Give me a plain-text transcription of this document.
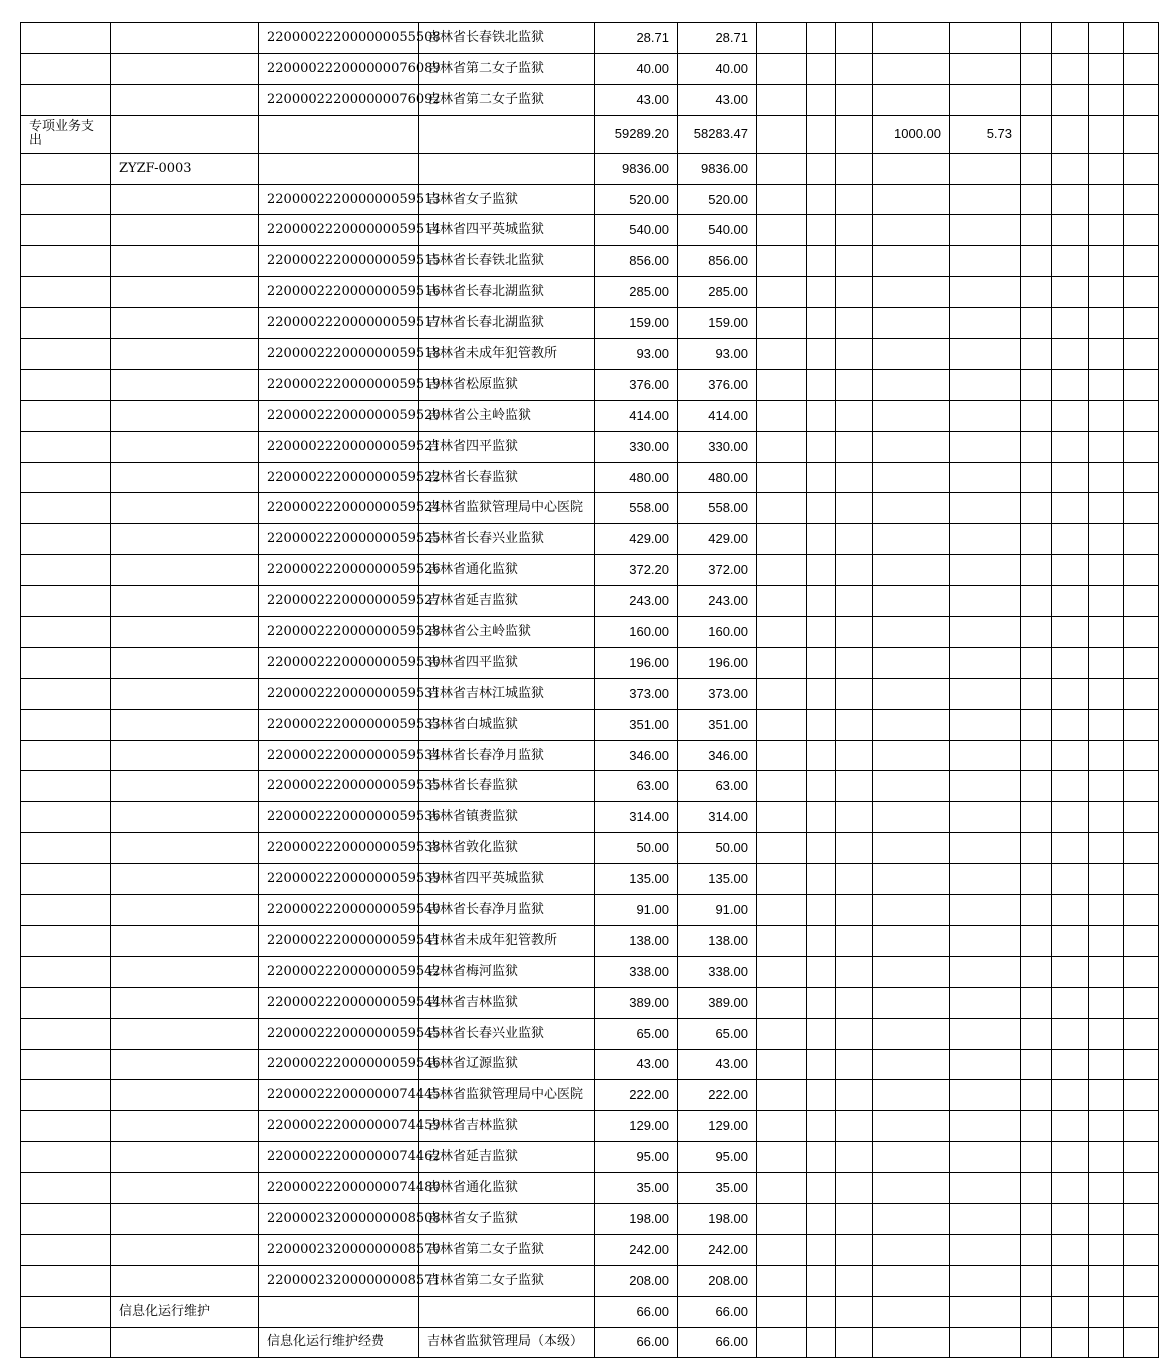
		220000222000000055508	吉林省长春铁北监狱	28.71	28.71									
		220000222000000076089	吉林省第二女子监狱	40.00	40.00									
		220000222000000076092	吉林省第二女子监狱	43.00	43.00									
专项业务支出				59289.20	58283.47				1000.00	5.73				
	ZYZF-0003			9836.00	9836.00									
		220000222000000059513	吉林省女子监狱	520.00	520.00									
		220000222000000059514	吉林省四平英城监狱	540.00	540.00									
		220000222000000059515	吉林省长春铁北监狱	856.00	856.00									
		220000222000000059516	吉林省长春北湖监狱	285.00	285.00									
		220000222000000059517	吉林省长春北湖监狱	159.00	159.00									
		220000222000000059518	吉林省未成年犯管教所	93.00	93.00									
		220000222000000059519	吉林省松原监狱	376.00	376.00									
		220000222000000059520	吉林省公主岭监狱	414.00	414.00									
		220000222000000059521	吉林省四平监狱	330.00	330.00									
		220000222000000059522	吉林省长春监狱	480.00	480.00									
		220000222000000059524	吉林省监狱管理局中心医院	558.00	558.00									
		220000222000000059525	吉林省长春兴业监狱	429.00	429.00									
		220000222000000059526	吉林省通化监狱	372.20	372.00									
		220000222000000059527	吉林省延吉监狱	243.00	243.00									
		220000222000000059528	吉林省公主岭监狱	160.00	160.00									
		220000222000000059530	吉林省四平监狱	196.00	196.00									
		220000222000000059531	吉林省吉林江城监狱	373.00	373.00									
		220000222000000059533	吉林省白城监狱	351.00	351.00									
		220000222000000059534	吉林省长春净月监狱	346.00	346.00									
		220000222000000059535	吉林省长春监狱	63.00	63.00									
		220000222000000059536	吉林省镇赉监狱	314.00	314.00									
		220000222000000059538	吉林省敦化监狱	50.00	50.00									
		220000222000000059539	吉林省四平英城监狱	135.00	135.00									
		220000222000000059540	吉林省长春净月监狱	91.00	91.00									
		220000222000000059541	吉林省未成年犯管教所	138.00	138.00									
		220000222000000059542	吉林省梅河监狱	338.00	338.00									
		220000222000000059544	吉林省吉林监狱	389.00	389.00									
		220000222000000059545	吉林省长春兴业监狱	65.00	65.00									
		220000222000000059546	吉林省辽源监狱	43.00	43.00									
		220000222000000074445	吉林省监狱管理局中心医院	222.00	222.00									
		220000222000000074459	吉林省吉林监狱	129.00	129.00									
		220000222000000074462	吉林省延吉监狱	95.00	95.00									
		220000222000000074480	吉林省通化监狱	35.00	35.00									
		220000232000000008508	吉林省女子监狱	198.00	198.00									
		220000232000000008570	吉林省第二女子监狱	242.00	242.00									
		220000232000000008571	吉林省第二女子监狱	208.00	208.00									
	信息化运行维护			66.00	66.00									
		信息化运行维护经费	吉林省监狱管理局（本级）	66.00	66.00									
